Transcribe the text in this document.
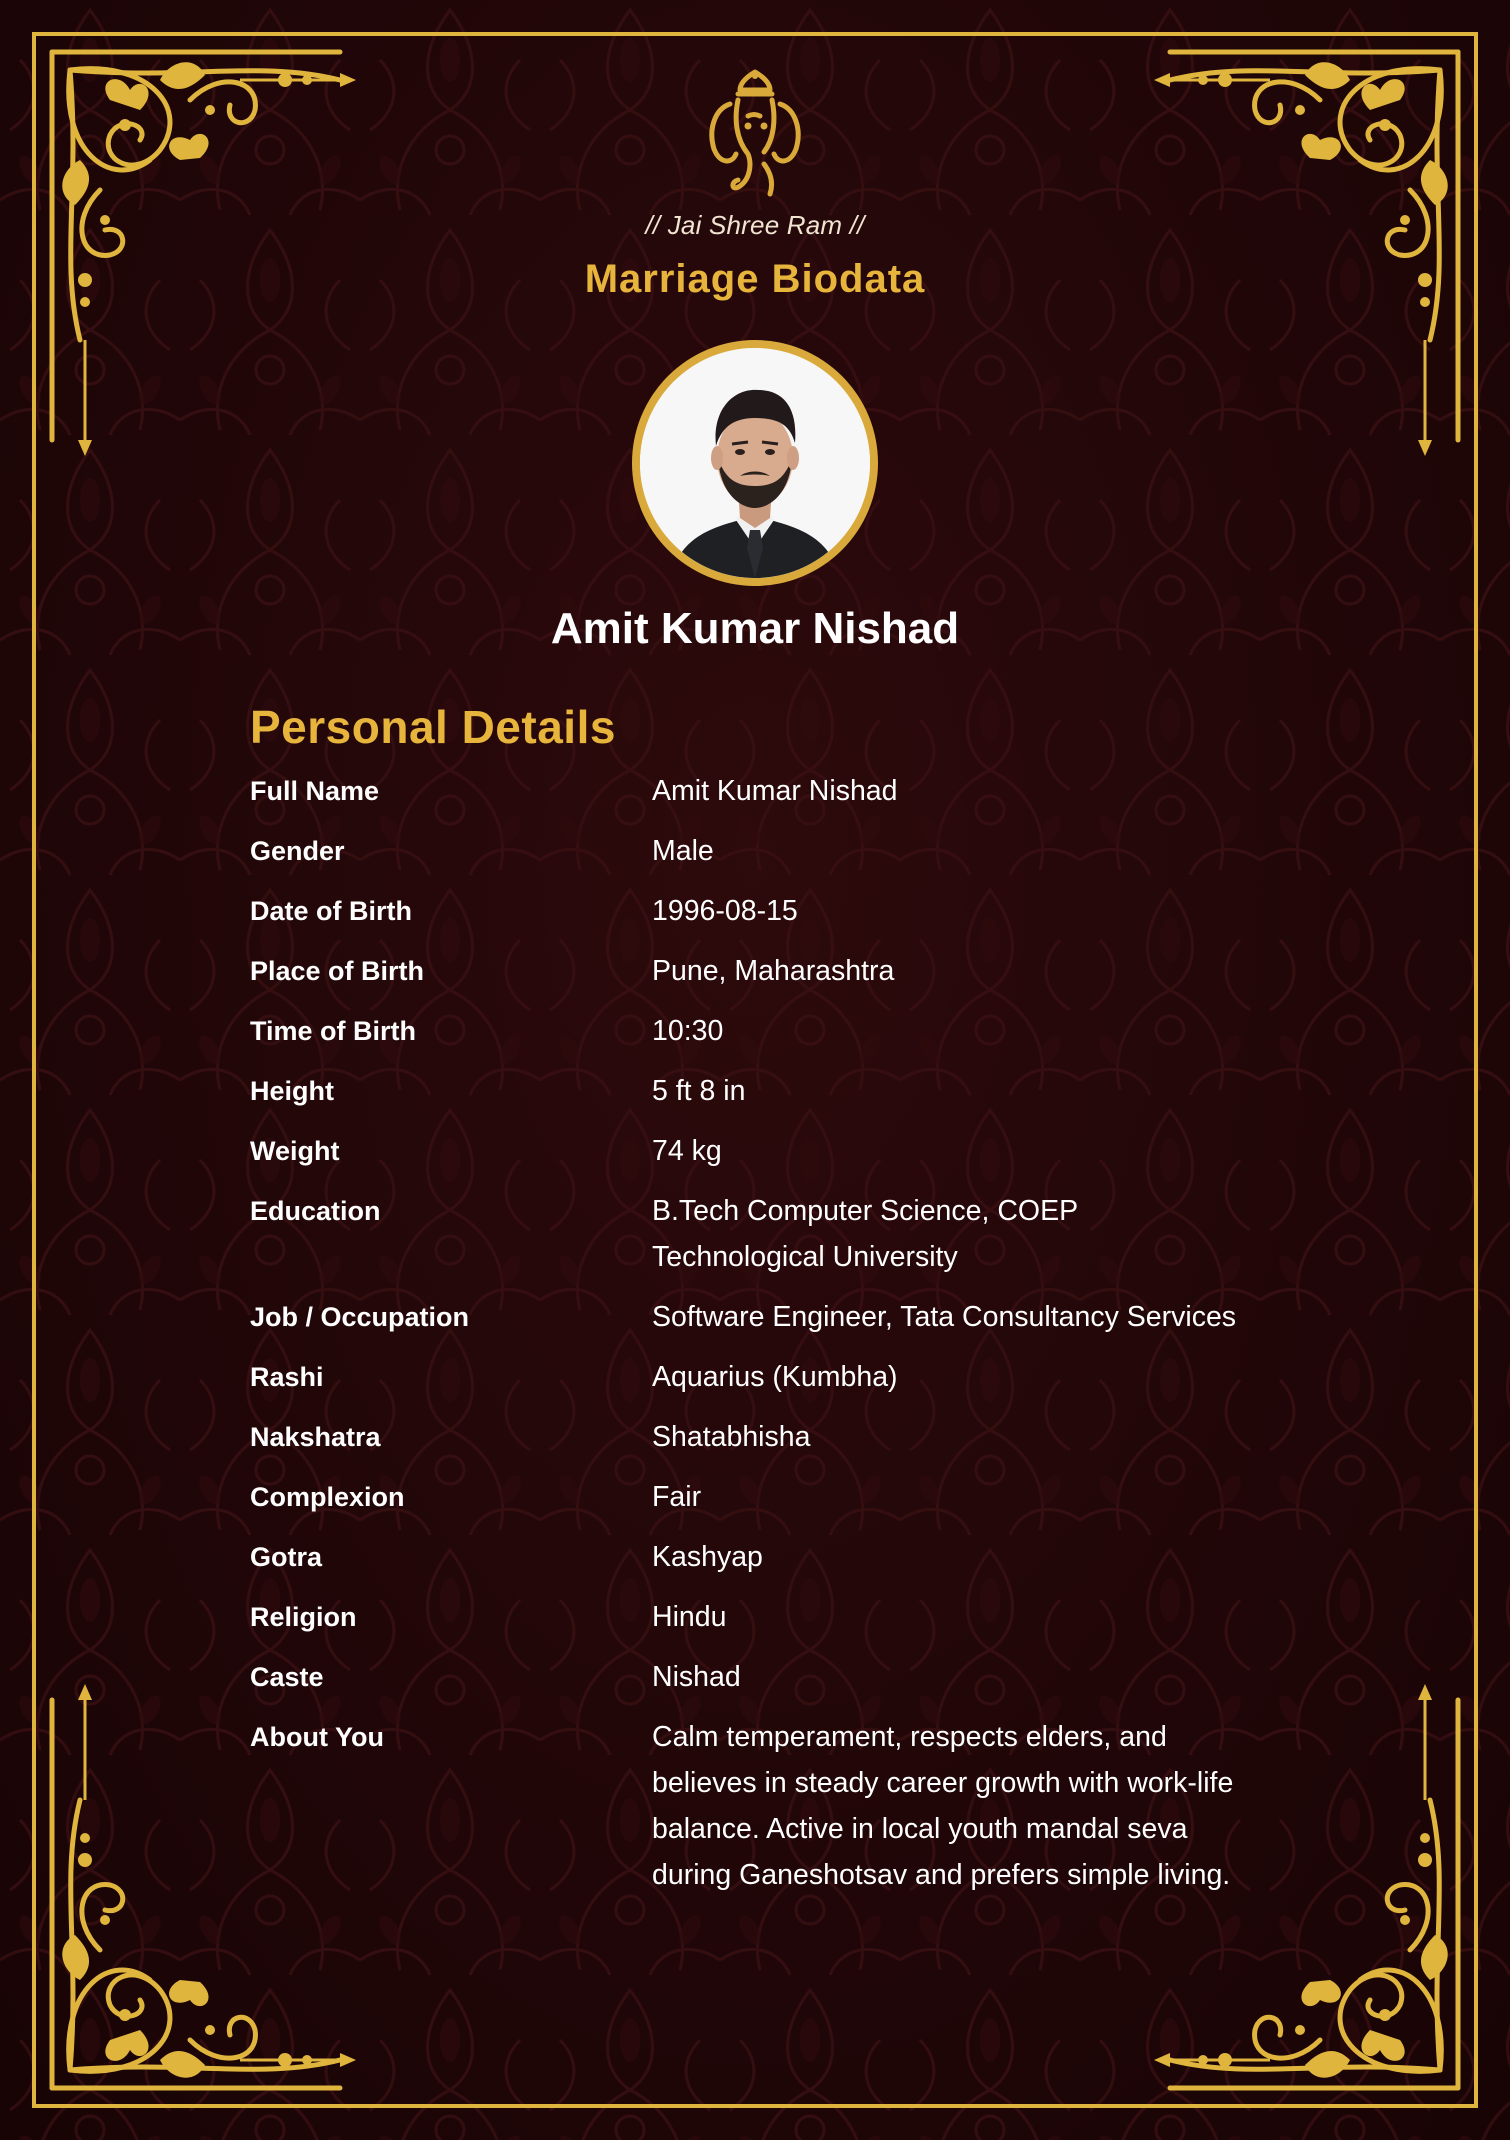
// Jai Shree Ram //
Marriage Biodata
Amit Kumar Nishad
Personal Details
Full Name	Amit Kumar Nishad
Gender	Male
Date of Birth	1996-08-15
Place of Birth	Pune, Maharashtra
Time of Birth	10:30
Height	5 ft 8 in
Weight	74 kg
Education	B.Tech Computer Science, COEP Technological University
Job / Occupation	Software Engineer, Tata Consultancy Services
Rashi	Aquarius (Kumbha)
Nakshatra	Shatabhisha
Complexion	Fair
Gotra	Kashyap
Religion	Hindu
Caste	Nishad
About You	Calm temperament, respects elders, and believes in steady career growth with work-life balance. Active in local youth mandal seva during Ganeshotsav and prefers simple living.
